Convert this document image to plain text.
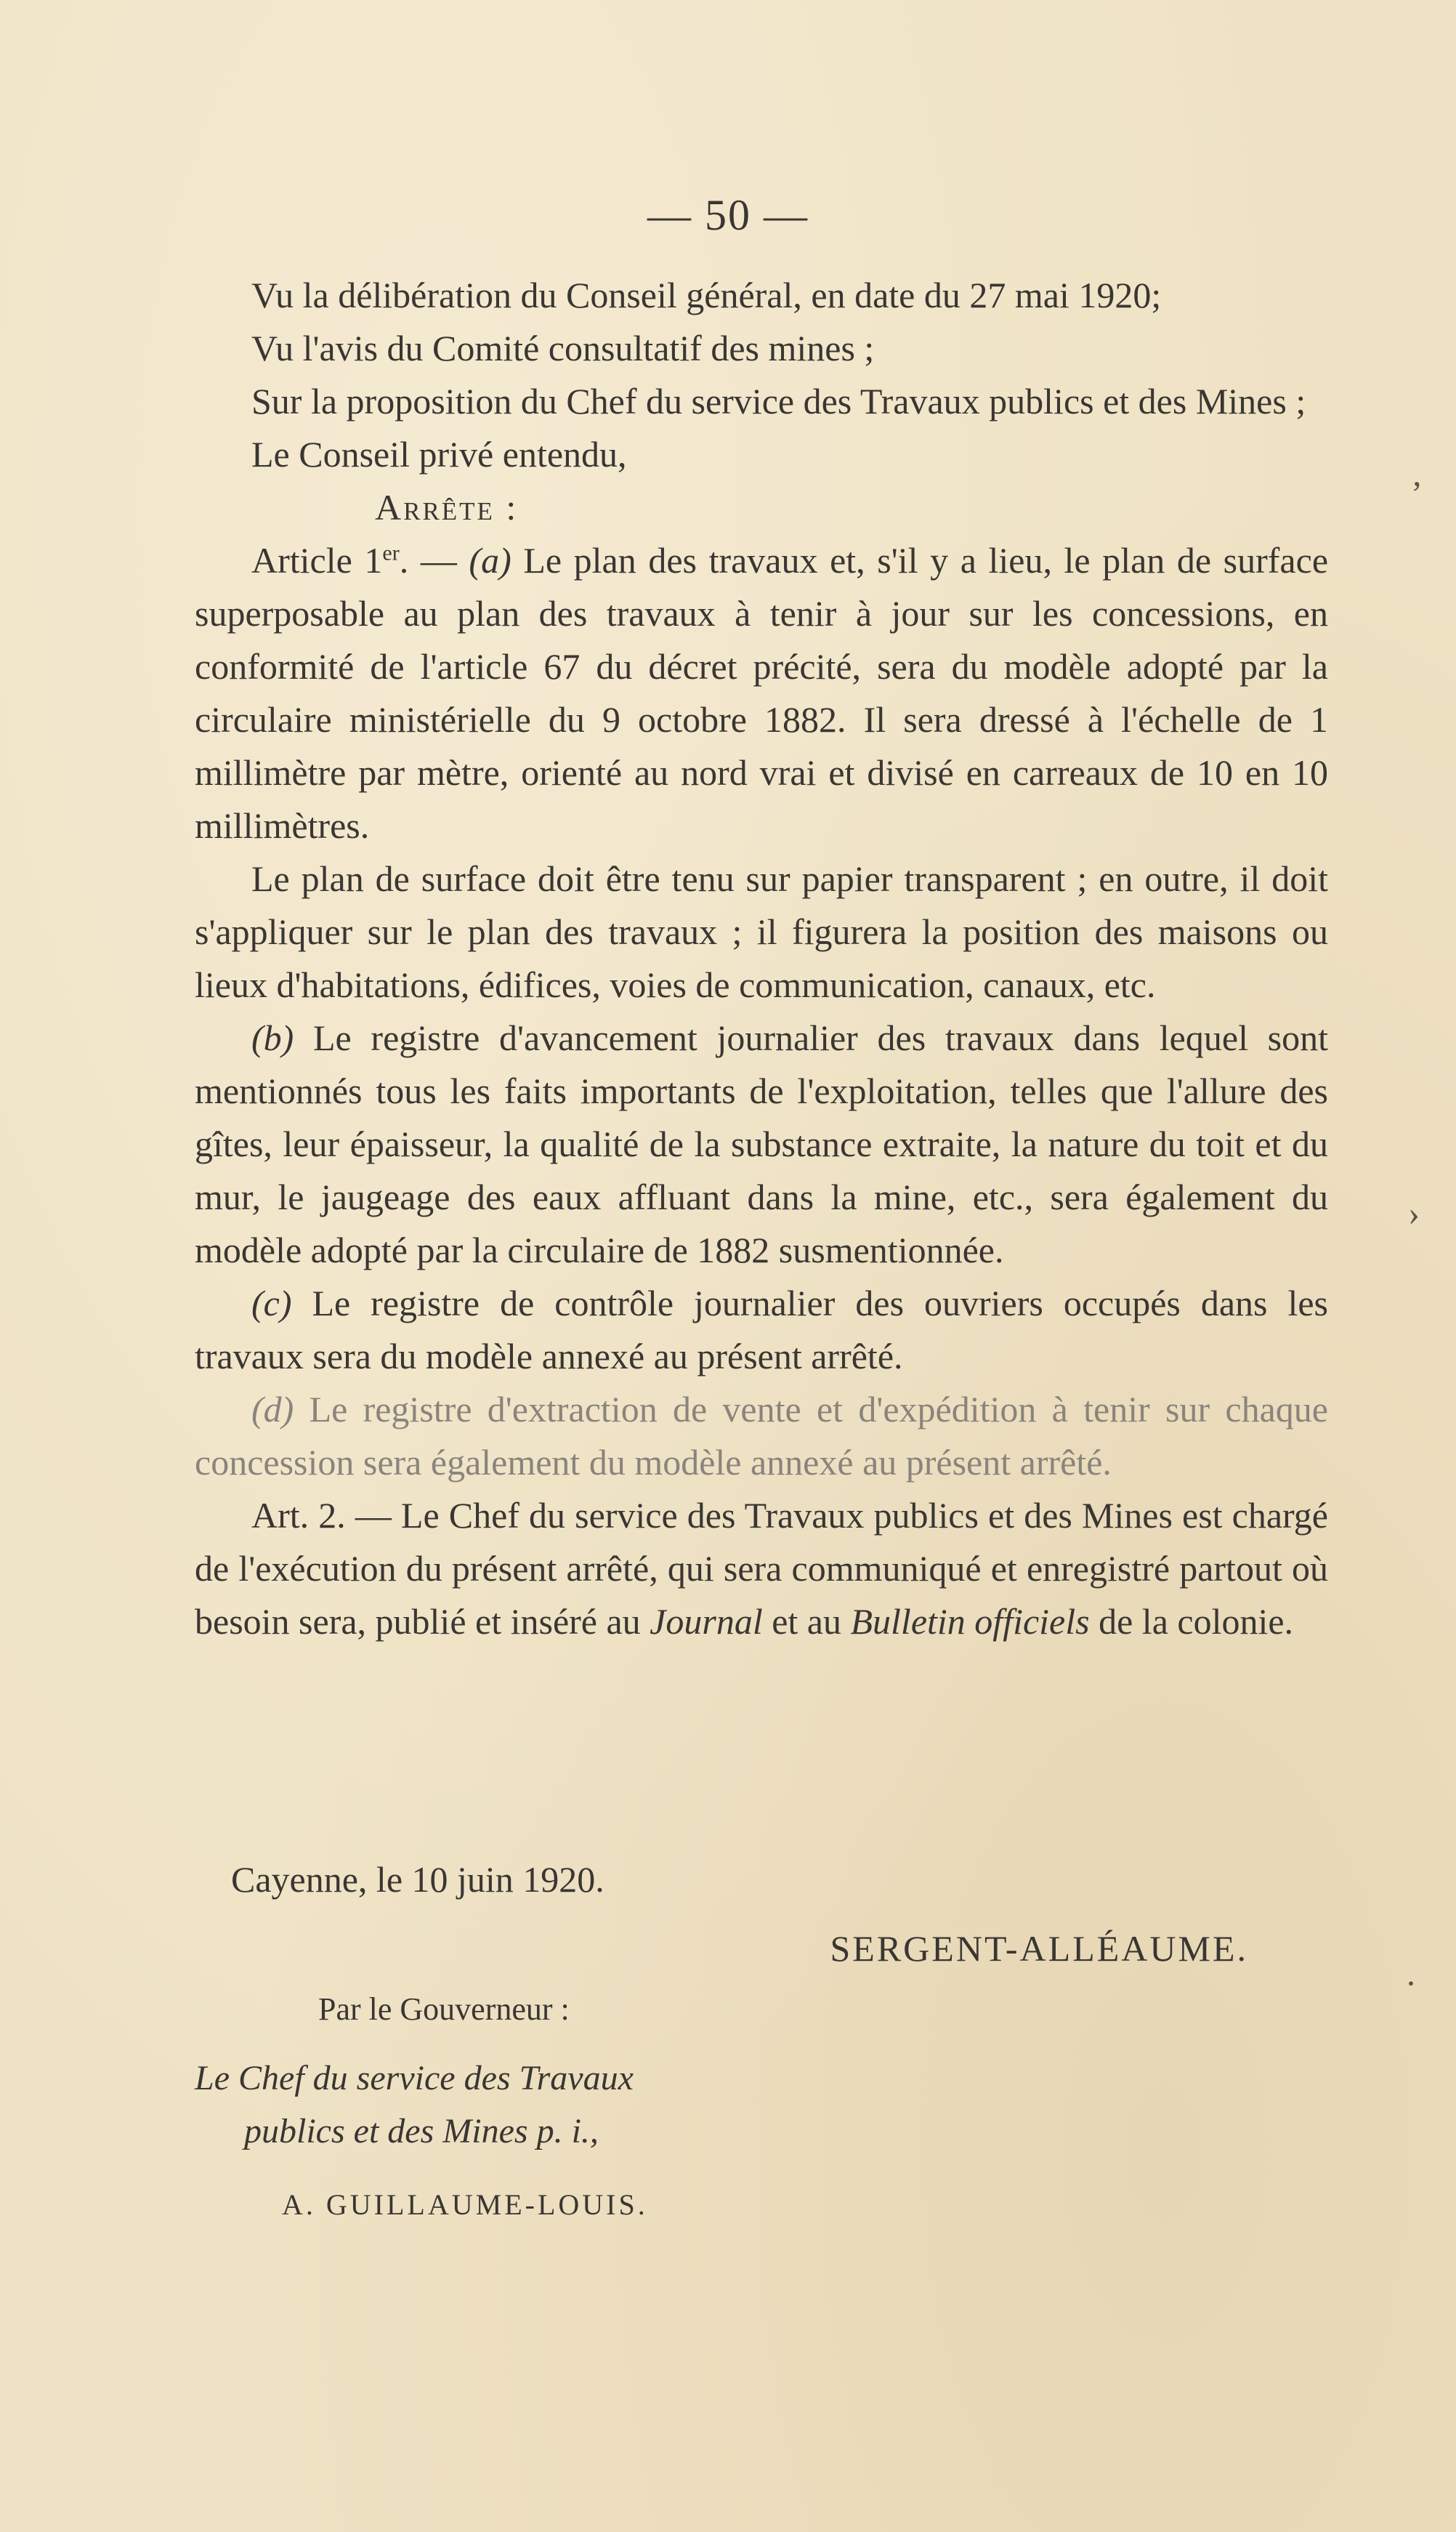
— 50 —

Vu la délibération du Conseil général, en date du 27 mai 1920;

Vu l'avis du Comité consultatif des mines ;

Sur la proposition du Chef du service des Travaux publics et des Mines ;

Le Conseil privé entendu,

Arrête :

Article 1er. — (a) Le plan des travaux et, s'il y a lieu, le plan de surface superposable au plan des travaux à tenir à jour sur les concessions, en conformité de l'article 67 du décret précité, sera du modèle adopté par la circulaire ministérielle du 9 octobre 1882. Il sera dressé à l'échelle de 1 millimètre par mètre, orienté au nord vrai et divisé en carreaux de 10 en 10 millimètres.

Le plan de surface doit être tenu sur papier transparent ; en outre, il doit s'appliquer sur le plan des travaux ; il figurera la position des maisons ou lieux d'habitations, édifices, voies de communication, canaux, etc.

(b) Le registre d'avancement journalier des travaux dans lequel sont mentionnés tous les faits importants de l'exploitation, telles que l'allure des gîtes, leur épaisseur, la qualité de la substance extraite, la nature du toit et du mur, le jaugeage des eaux affluant dans la mine, etc., sera également du modèle adopté par la circulaire de 1882 susmentionnée.

(c) Le registre de contrôle journalier des ouvriers occupés dans les travaux sera du modèle annexé au présent arrêté.

(d) Le registre d'extraction de vente et d'expédition à tenir sur chaque concession sera également du modèle annexé au présent arrêté.

Art. 2. — Le Chef du service des Travaux publics et des Mines est chargé de l'exécution du présent arrêté, qui sera communiqué et enregistré partout où besoin sera, publié et inséré au Journal et au Bulletin officiels de la colonie.

Cayenne, le 10 juin 1920.
SERGENT-ALLÉAUME.
Par le Gouverneur :
Le Chef du service des Travaux
publics et des Mines p. i.,
A. GUILLAUME-LOUIS.
’
›
·
